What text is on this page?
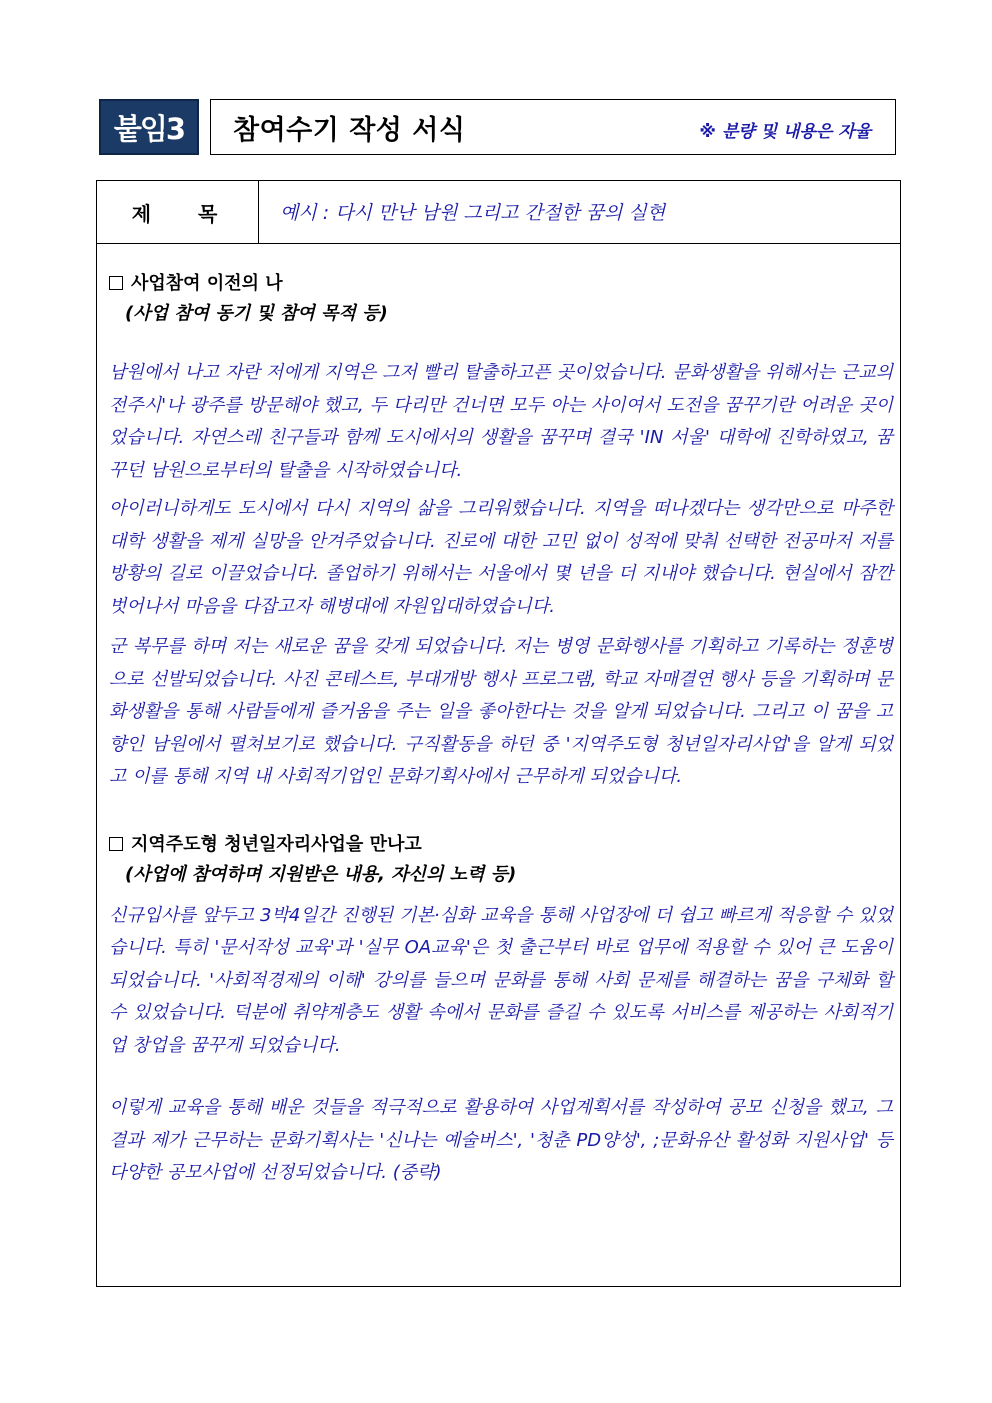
붙임3	참여수기 작성 서식	※ 분량 및 내용은 자율
제 목	예시 : 다시 만난 남원 그리고 간절한 꿈의 실현
사업참여 이전의 나
(사업 참여 동기 및 참여 목적 등)

남원에서 나고 자란 저에게 지역은 그저 빨리 탈출하고픈 곳이었습니다. 문화생활을 위해서는 근교의 전주시'나 광주를 방문해야 했고, 두 다리만 건너면 모두 아는 사이여서 도전을 꿈꾸기란 어려운 곳이었습니다. 자연스레 친구들과 함께 도시에서의 생활을 꿈꾸며 결국 'IN 서울' 대학에 진학하였고, 꿈꾸던 남원으로부터의 탈출을 시작하였습니다.

아이러니하게도 도시에서 다시 지역의 삶을 그리워했습니다. 지역을 떠나겠다는 생각만으로 마주한 대학 생활을 제게 실망을 안겨주었습니다. 진로에 대한 고민 없이 성적에 맞춰 선택한 전공마저 저를 방황의 길로 이끌었습니다. 졸업하기 위해서는 서울에서 몇 년을 더 지내야 했습니다. 현실에서 잠깐 벗어나서 마음을 다잡고자 해병대에 자원입대하였습니다.

군 복무를 하며 저는 새로운 꿈을 갖게 되었습니다. 저는 병영 문화행사를 기획하고 기록하는 정훈병으로 선발되었습니다. 사진 콘테스트, 부대개방 행사 프로그램, 학교 자매결연 행사 등을 기획하며 문화생활을 통해 사람들에게 즐거움을 주는 일을 좋아한다는 것을 알게 되었습니다. 그리고 이 꿈을 고향인 남원에서 펼쳐보기로 했습니다. 구직활동을 하던 중 '지역주도형 청년일자리사업'을 알게 되었고 이를 통해 지역 내 사회적기업인 문화기획사에서 근무하게 되었습니다.

지역주도형 청년일자리사업을 만나고
(사업에 참여하며 지원받은 내용, 자신의 노력 등)

신규입사를 앞두고 3박4일간 진행된 기본·심화 교육을 통해 사업장에 더 쉽고 빠르게 적응할 수 있었습니다. 특히 '문서작성 교육'과 '실무 OA교육'은 첫 출근부터 바로 업무에 적용할 수 있어 큰 도움이 되었습니다. '사회적경제의 이해' 강의를 들으며 문화를 통해 사회 문제를 해결하는 꿈을 구체화 할 수 있었습니다. 덕분에 취약계층도 생활 속에서 문화를 즐길 수 있도록 서비스를 제공하는 사회적기업 창업을 꿈꾸게 되었습니다.

이렇게 교육을 통해 배운 것들을 적극적으로 활용하여 사업계획서를 작성하여 공모 신청을 했고, 그 결과 제가 근무하는 문화기획사는 '신나는 예술버스', '청춘 PD양성', ;문화유산 활성화 지원사업' 등 다양한 공모사업에 선정되었습니다. (중략)
